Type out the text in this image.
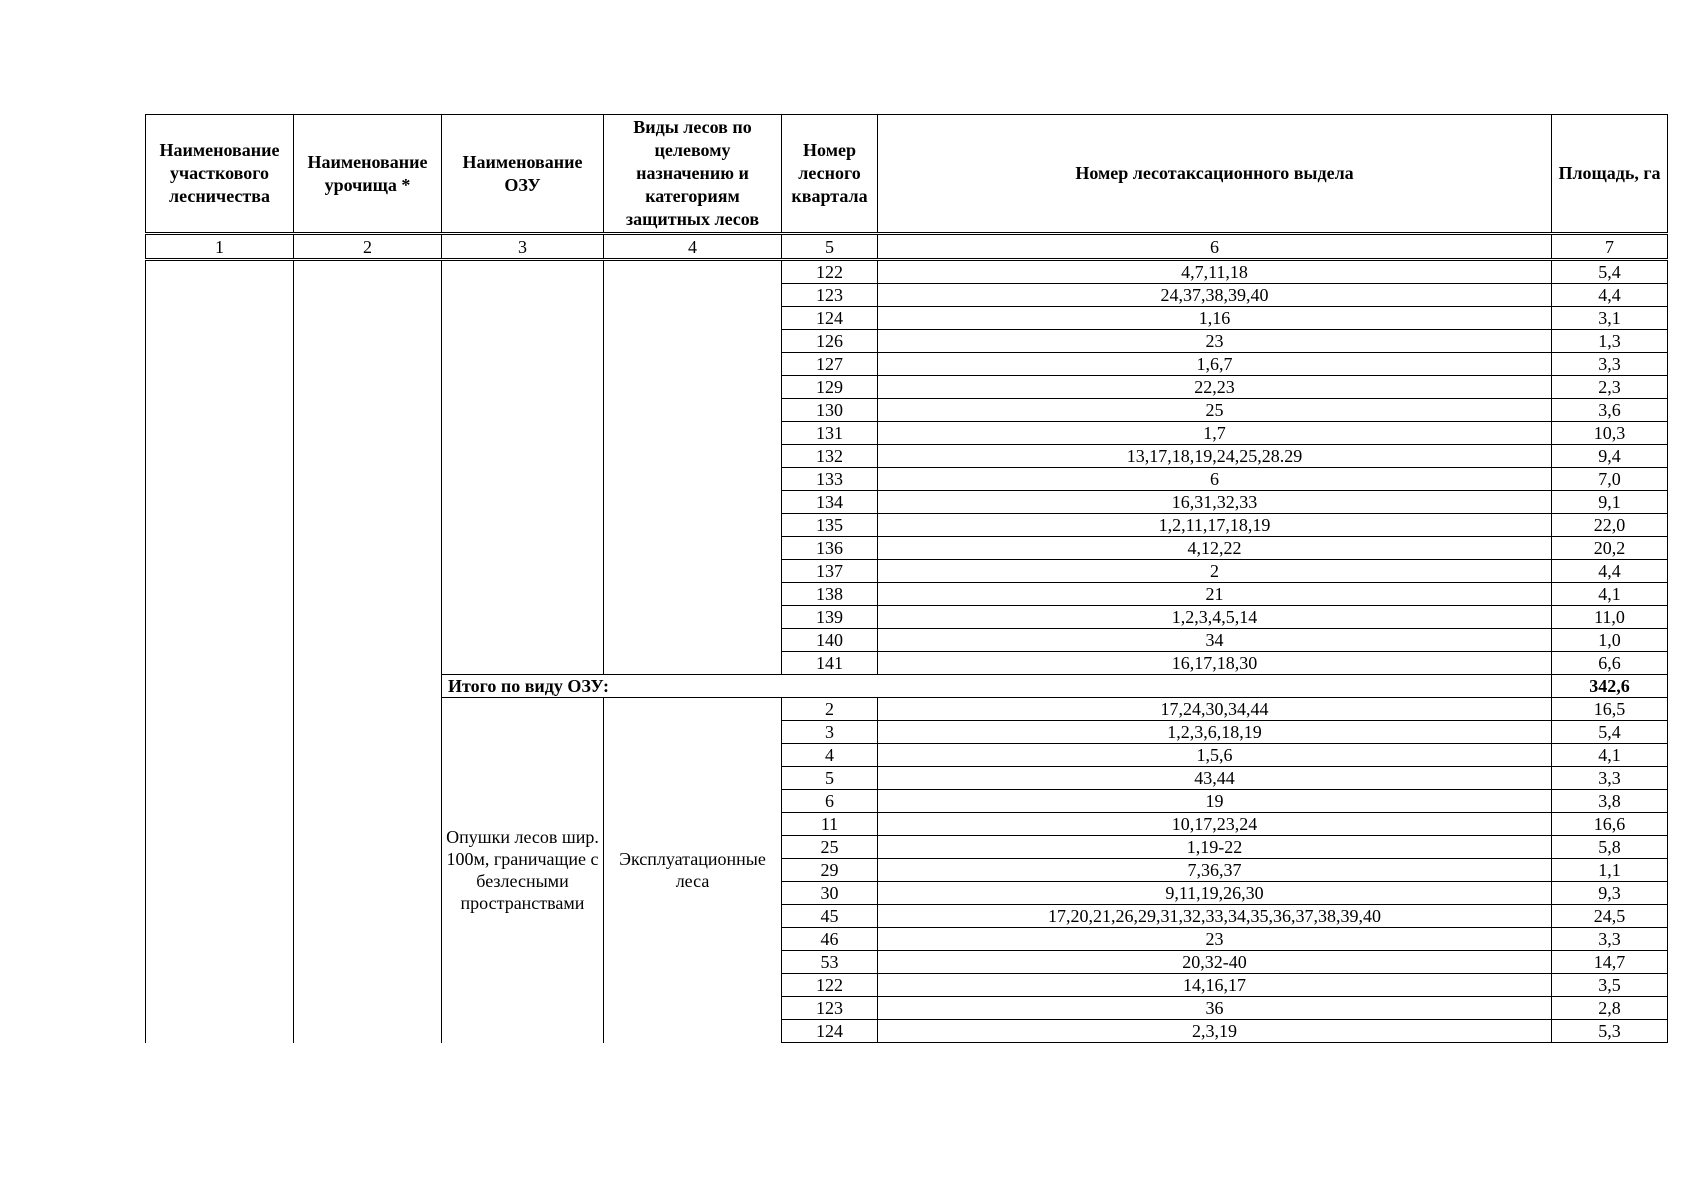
Наименование участкового лесничества	Наименование урочища *	Наименование ОЗУ	Виды лесов по целевому назначению и категориям защитных лесов	Номер лесного квартала	Номер лесотаксационного выдела	Площадь, га
1	2	3	4	5	6	7
				122	4,7,11,18	5,4
				123	24,37,38,39,40	4,4
				124	1,16	3,1
				126	23	1,3
				127	1,6,7	3,3
				129	22,23	2,3
				130	25	3,6
				131	1,7	10,3
				132	13,17,18,19,24,25,28.29	9,4
				133	6	7,0
				134	16,31,32,33	9,1
				135	1,2,11,17,18,19	22,0
				136	4,12,22	20,2
				137	2	4,4
				138	21	4,1
				139	1,2,3,4,5,14	11,0
				140	34	1,0
				141	16,17,18,30	6,6
		Итого по виду ОЗУ:				342,6
		Опушки лесов шир. 100м, граничащие с безлесными пространствами	Эксплуатационные леса	2	17,24,30,34,44	16,5
				3	1,2,3,6,18,19	5,4
				4	1,5,6	4,1
				5	43,44	3,3
				6	19	3,8
				11	10,17,23,24	16,6
				25	1,19-22	5,8
				29	7,36,37	1,1
				30	9,11,19,26,30	9,3
				45	17,20,21,26,29,31,32,33,34,35,36,37,38,39,40	24,5
				46	23	3,3
				53	20,32-40	14,7
				122	14,16,17	3,5
				123	36	2,8
				124	2,3,19	5,3
